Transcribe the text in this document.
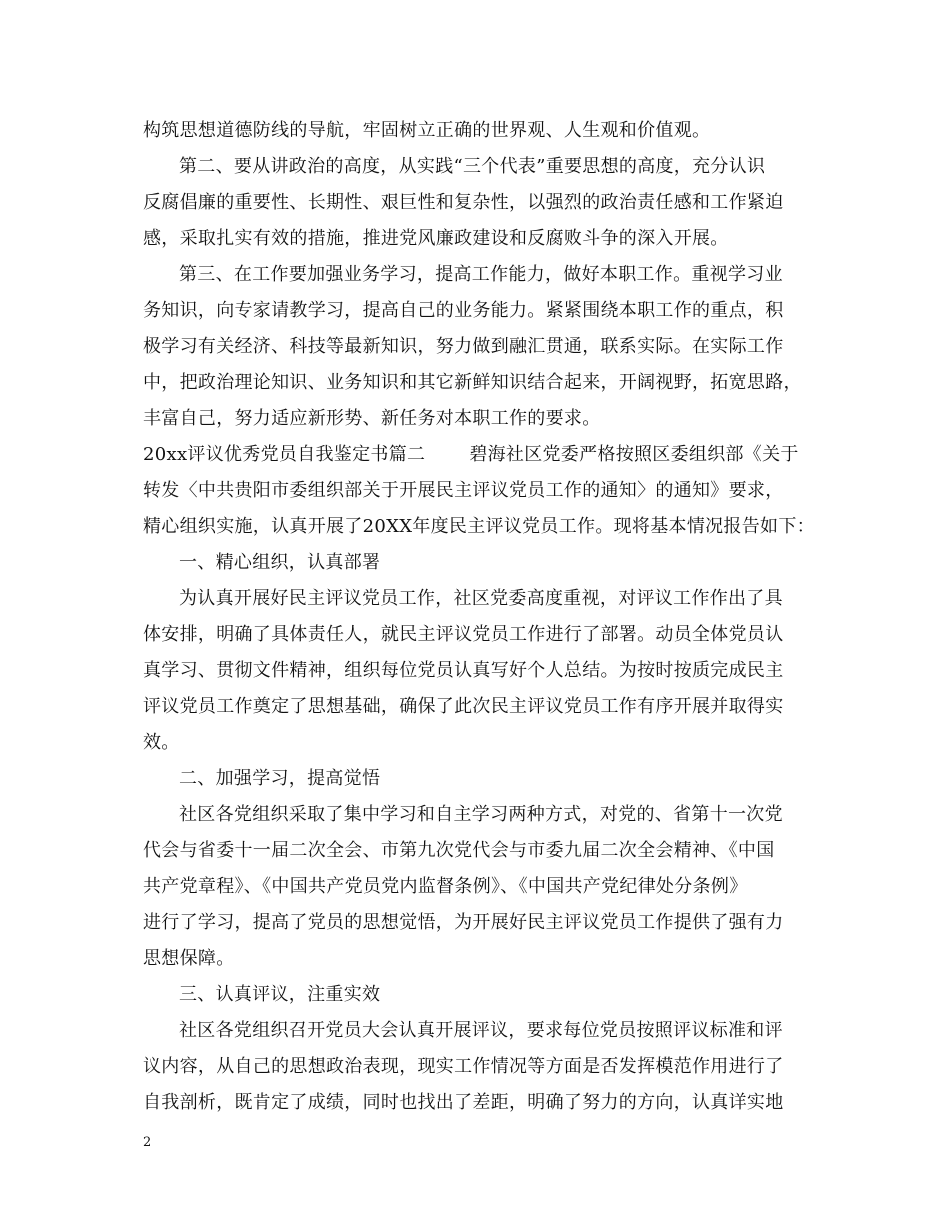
构筑思想道德防线的导航，牢固树立正确的世界观、人生观和价值观。
第二、要从讲政治的高度，从实践“三个代表”重要思想的高度，充分认识
反腐倡廉的重要性、长期性、艰巨性和复杂性，以强烈的政治责任感和工作紧迫
感，采取扎实有效的措施，推进党风廉政建设和反腐败斗争的深入开展。
第三、在工作要加强业务学习，提高工作能力，做好本职工作。重视学习业
务知识，向专家请教学习，提高自己的业务能力。紧紧围绕本职工作的重点，积
极学习有关经济、科技等最新知识，努力做到融汇贯通，联系实际。在实际工作
中，把政治理论知识、业务知识和其它新鲜知识结合起来，开阔视野，拓宽思路，
丰富自己，努力适应新形势、新任务对本职工作的要求。
20xx评议优秀党员自我鉴定书篇二 碧海社区党委严格按照区委组织部《关于
转发〈中共贵阳市委组织部关于开展民主评议党员工作的通知〉的通知》要求，
精心组织实施，认真开展了20XX年度民主评议党员工作。现将基本情况报告如下：
一、精心组织，认真部署
为认真开展好民主评议党员工作，社区党委高度重视，对评议工作作出了具
体安排，明确了具体责任人，就民主评议党员工作进行了部署。动员全体党员认
真学习、贯彻文件精神，组织每位党员认真写好个人总结。为按时按质完成民主
评议党员工作奠定了思想基础，确保了此次民主评议党员工作有序开展并取得实
效。
二、加强学习，提高觉悟
社区各党组织采取了集中学习和自主学习两种方式，对党的、省第十一次党
代会与省委十一届二次全会、市第九次党代会与市委九届二次全会精神、《中国
共产党章程》、《中国共产党员党内监督条例》、《中国共产党纪律处分条例》
进行了学习，提高了党员的思想觉悟，为开展好民主评议党员工作提供了强有力
思想保障。
三、认真评议，注重实效
社区各党组织召开党员大会认真开展评议，要求每位党员按照评议标准和评
议内容，从自己的思想政治表现，现实工作情况等方面是否发挥模范作用进行了
自我剖析，既肯定了成绩，同时也找出了差距，明确了努力的方向，认真详实地
2
